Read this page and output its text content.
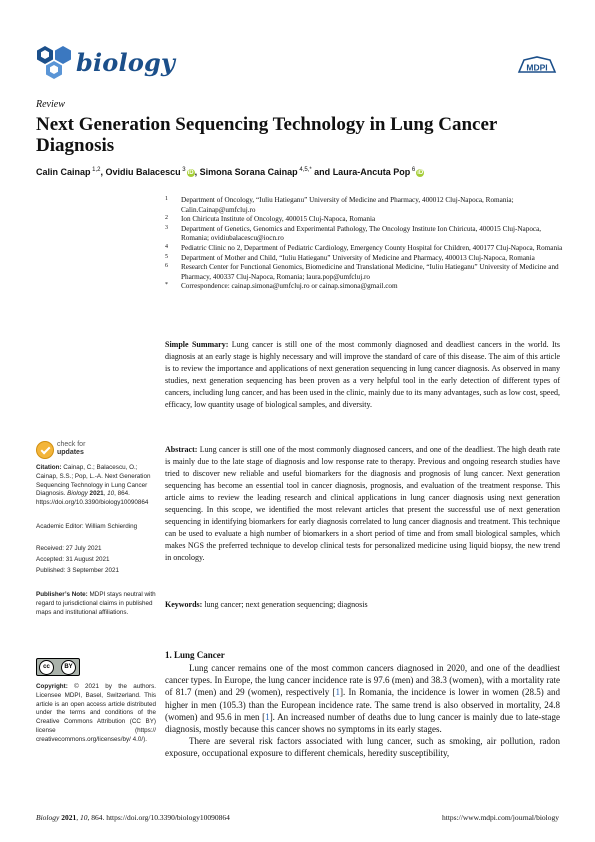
biology	MDPI
Review
Next Generation Sequencing Technology in Lung Cancer Diagnosis
Calin Cainap $^{1,2}$, Ovidiu Balacescu $^3$ iD, Simona Sorana Cainap $^{4,5,*}$ and Laura-Ancuta Pop $^6$ iD
1 Department of Oncology, “Iuliu Hatieganu” University of Medicine and Pharmacy, 400012 Cluj-Napoca, Romania; Calin.Cainap@umfcluj.ro
2 Ion Chiricuta Institute of Oncology, 400015 Cluj-Napoca, Romania
3 Department of Genetics, Genomics and Experimental Pathology, The Oncology Institute Ion Chiricuta, 400015 Cluj-Napoca, Romania; ovidiubalacescu@iocn.ro
4 Pediatric Clinic no 2, Department of Pediatric Cardiology, Emergency County Hospital for Children, 400177 Cluj-Napoca, Romania
5 Department of Mother and Child, “Iuliu Hatieganu” University of Medicine and Pharmacy, 400013 Cluj-Napoca, Romania
6 Research Center for Functional Genomics, Biomedicine and Translational Medicine, “Iuliu Hatieganu” University of Medicine and Pharmacy, 400337 Cluj-Napoca, Romania; laura.pop@umfcluj.ro
* Correspondence: cainap.simona@umfcluj.ro or cainap.simona@gmail.com
Simple Summary: Lung cancer is still one of the most commonly diagnosed and deadliest cancers in the world. Its diagnosis at an early stage is highly necessary and will improve the standard of care of this disease. The aim of this article is to review the importance and applications of next generation sequencing in lung cancer diagnosis. As observed in many studies, next generation sequencing has been proven as a very helpful tool in the early detection of different types of cancers, including lung cancer, and has been used in the clinic, mainly due to its many advantages, such as low cost, speed, efficacy, low quantity usage of biological samples, and diversity.
Abstract: Lung cancer is still one of the most commonly diagnosed cancers, and one of the deadliest. The high death rate is mainly due to the late stage of diagnosis and low response rate to therapy. Previous and ongoing research studies have tried to discover new reliable and useful biomarkers for the diagnosis and prognosis of lung cancer. Next generation sequencing has become an essential tool in cancer diagnosis, prognosis, and evaluation of the treatment response. This article aims to review the leading research and clinical applications in lung cancer diagnosis using next generation sequencing. In this scope, we identified the most relevant articles that present the successful use of next generation sequencing in identifying biomarkers for early diagnosis correlated to lung cancer diagnosis and treatment. This technique can be used to evaluate a high number of biomarkers in a short period of time and from small biological samples, which makes NGS the preferred technique to develop clinical tests for personalized medicine using liquid biopsy, the new trend in oncology.
Keywords: lung cancer; next generation sequencing; diagnosis
1. Lung Cancer

Lung cancer remains one of the most common cancers diagnosed in 2020, and one of the deadliest cancer types. In Europe, the lung cancer incidence rate is 97.6 (men) and 38.3 (women), with a mortality rate of 81.7 (men) and 29 (women), respectively [1]. In Romania, the incidence is lower in women (28.5) and higher in men (105.3) than the European incidence rate. The same trend is also observed in mortality, 24.8 (women) and 95.6 in men [1]. An increased number of deaths due to lung cancer is mainly due to late-stage diagnosis, mostly because this cancer shows no symptoms in its early stages.

There are several risk factors associated with lung cancer, such as smoking, air pollution, radon exposure, occupational exposure to different chemicals, heredity susceptibility,

check for
updates
Citation: Cainap, C.; Balacescu, O.; Cainap, S.S.; Pop, L.-A. Next Generation Sequencing Technology in Lung Cancer Diagnosis. Biology 2021, 10, 864. https://doi.org/10.3390/biology10090864
Academic Editor: William Schierding
Received: 27 July 2021
Accepted: 31 August 2021
Published: 3 September 2021
Publisher’s Note: MDPI stays neutral with regard to jurisdictional claims in published maps and institutional affiliations.
cc	BY
Copyright: © 2021 by the authors. Licensee MDPI, Basel, Switzerland. This article is an open access article distributed under the terms and conditions of the Creative Commons Attribution (CC BY) license (https:// creativecommons.org/licenses/by/ 4.0/).
Biology 2021, 10, 864. https://doi.org/10.3390/biology10090864	https://www.mdpi.com/journal/biology
